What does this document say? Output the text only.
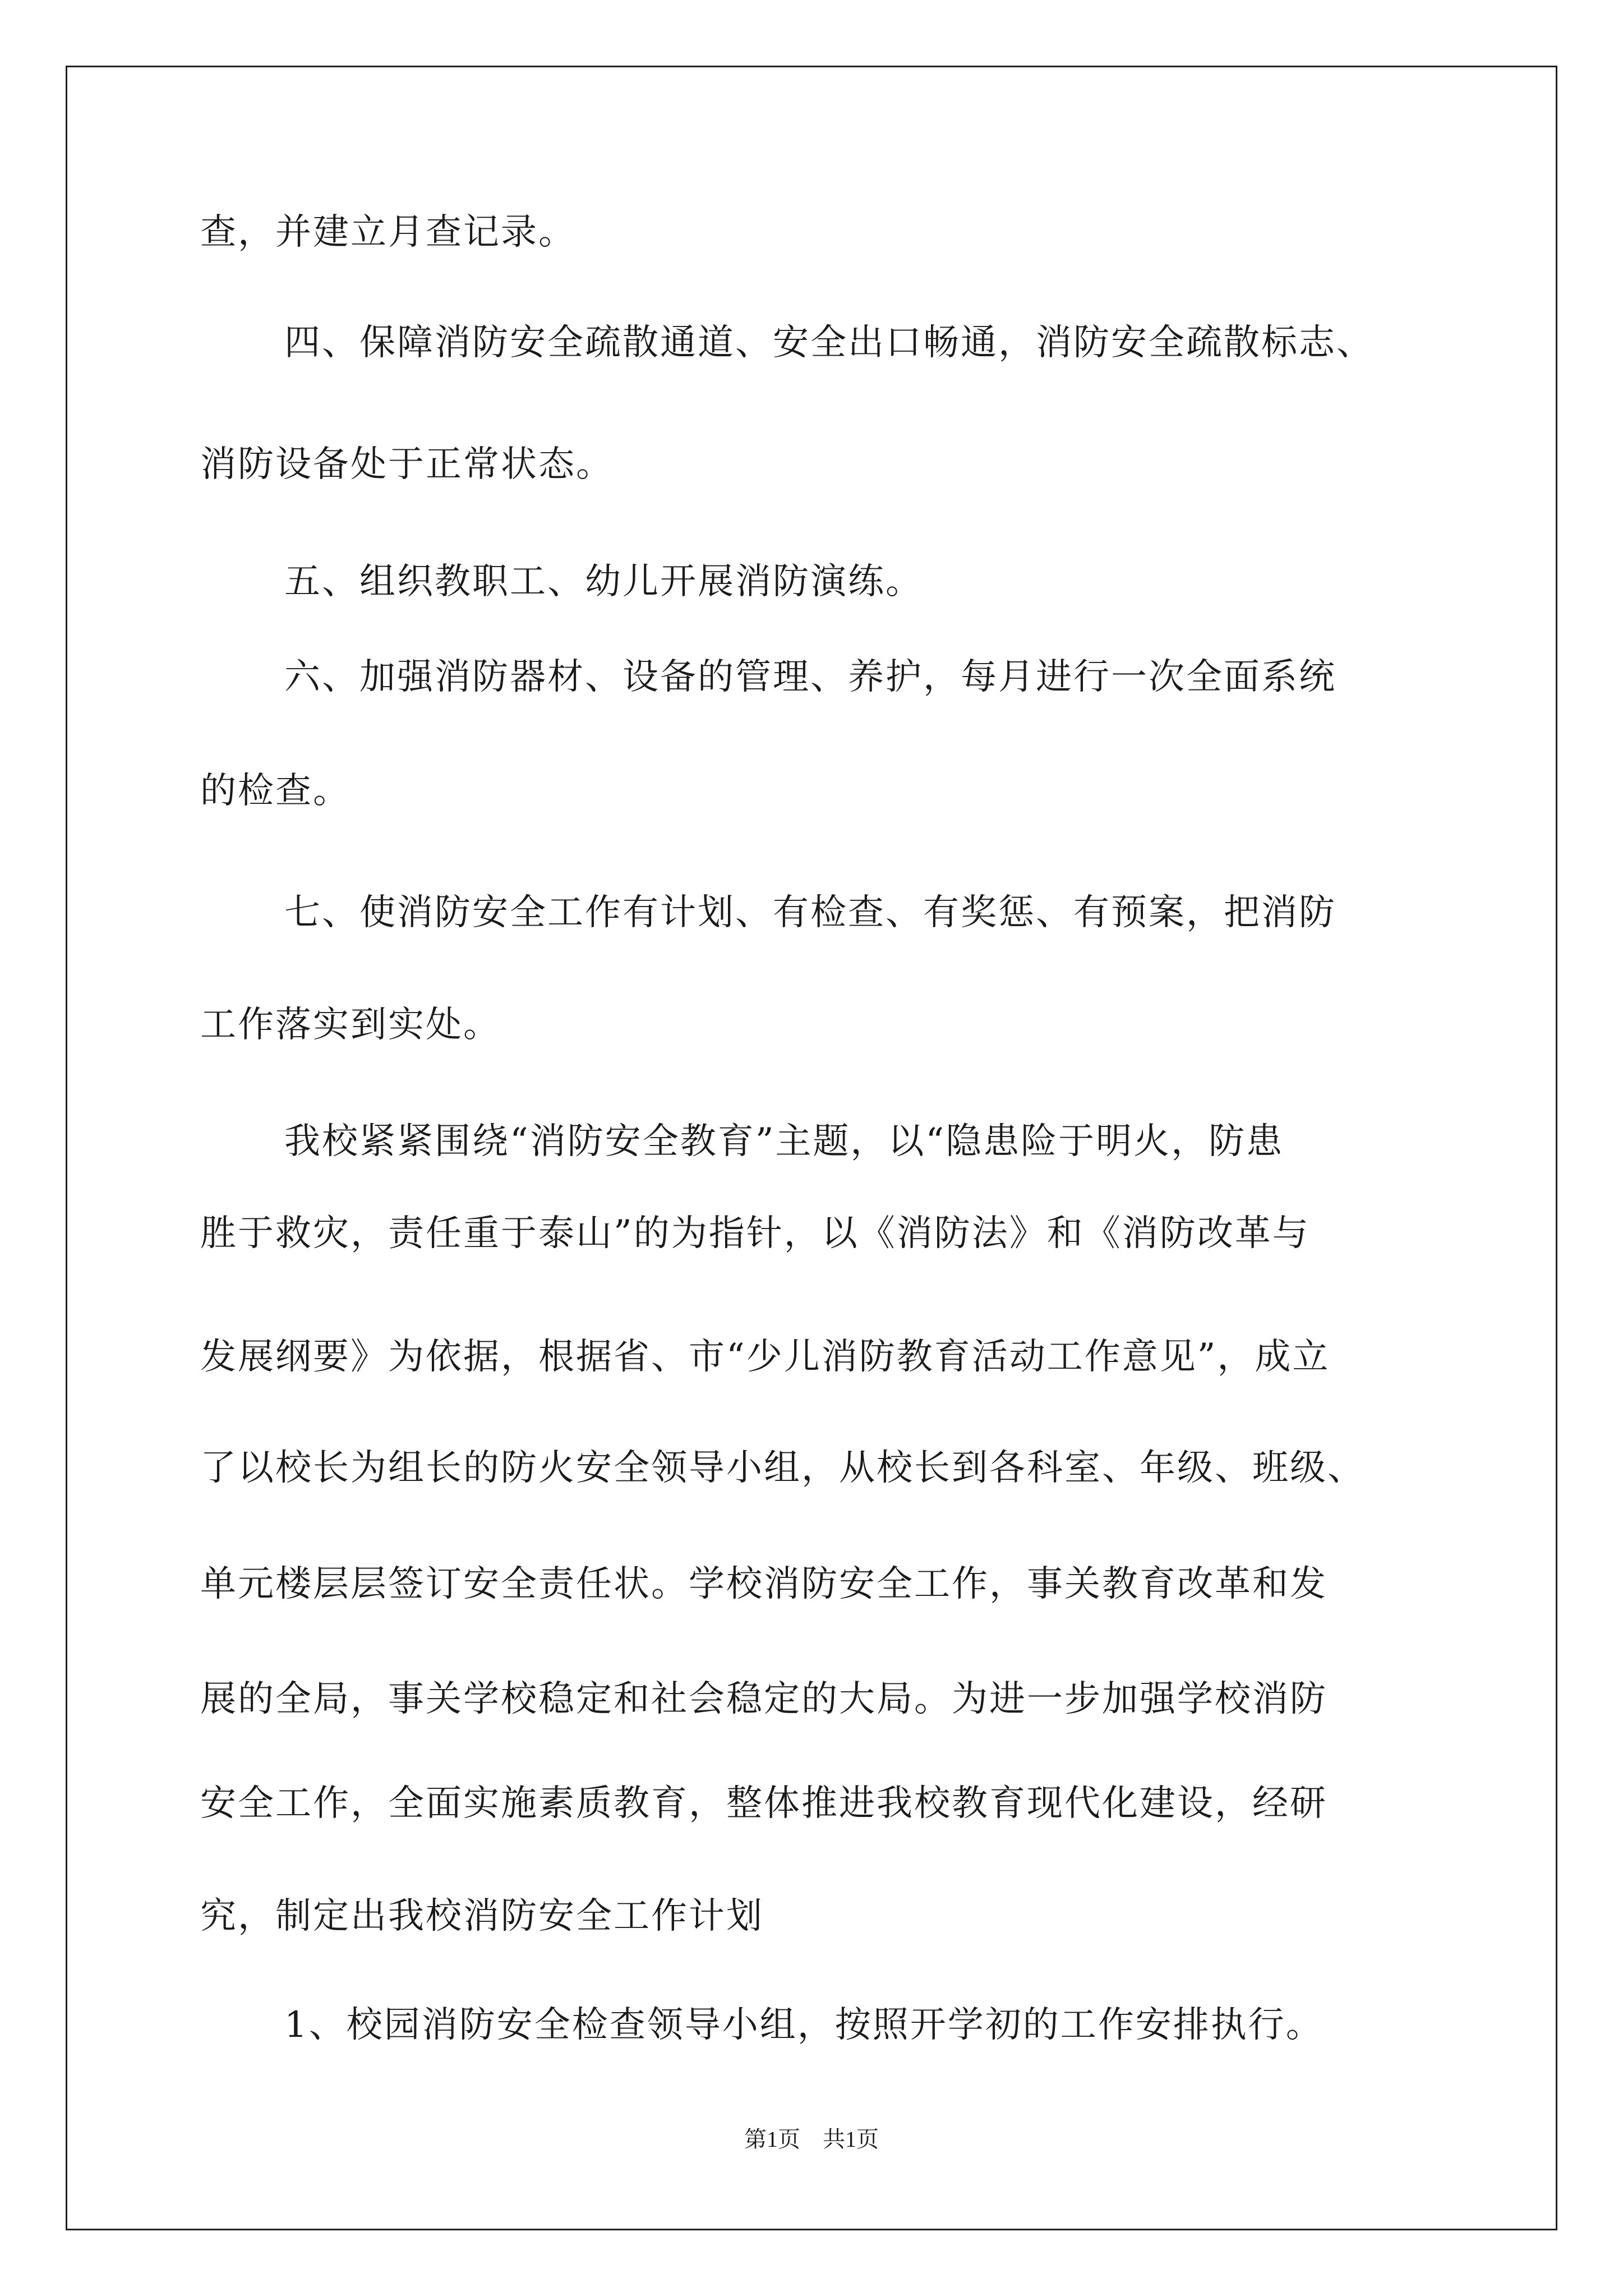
查，并建立月查记录。
四、保障消防安全疏散通道、安全出口畅通，消防安全疏散标志、
消防设备处于正常状态。
五、组织教职工、幼儿开展消防演练。
六、加强消防器材、设备的管理、养护，每月进行一次全面系统
的检查。
七、使消防安全工作有计划、有检查、有奖惩、有预案，把消防
工作落实到实处。
我校紧紧围绕“消防安全教育”主题，以“隐患险于明火，防患
胜于救灾，责任重于泰山”的为指针，以《消防法》和《消防改革与
发展纲要》为依据，根据省、市“少儿消防教育活动工作意见”，成立
了以校长为组长的防火安全领导小组，从校长到各科室、年级、班级、
单元楼层层签订安全责任状。学校消防安全工作，事关教育改革和发
展的全局，事关学校稳定和社会稳定的大局。为进一步加强学校消防
安全工作，全面实施素质教育，整体推进我校教育现代化建设，经研
究，制定出我校消防安全工作计划
1、校园消防安全检查领导小组，按照开学初的工作安排执行。
第1页　共1页
